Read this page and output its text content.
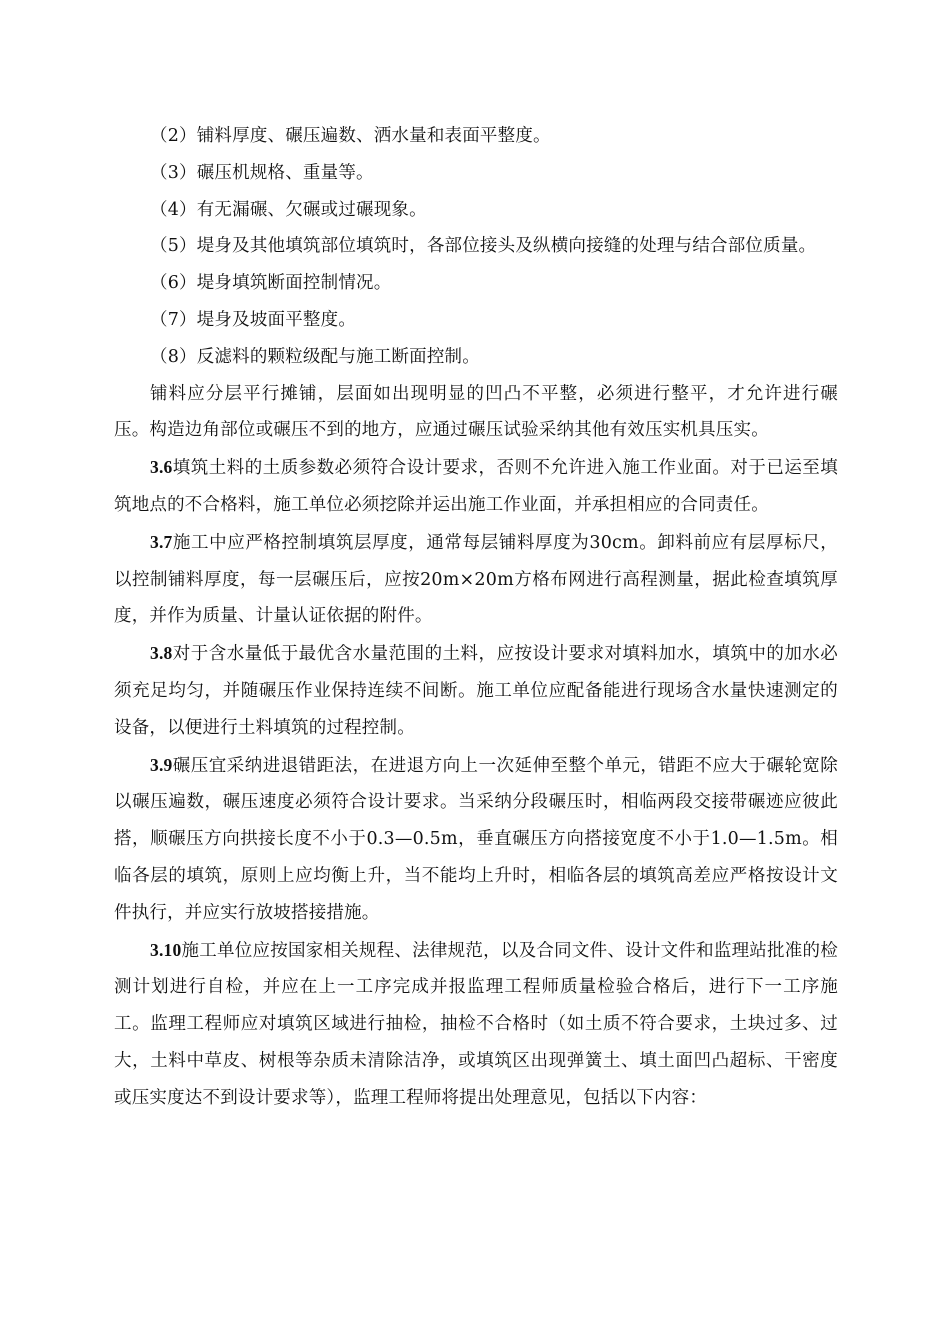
（2）铺料厚度、碾压遍数、洒水量和表面平整度。

（3）碾压机规格、重量等。

（4）有无漏碾、欠碾或过碾现象。

（5）堤身及其他填筑部位填筑时，各部位接头及纵横向接缝的处理与结合部位质量。

（6）堤身填筑断面控制情况。

（7）堤身及坡面平整度。

（8）反滤料的颗粒级配与施工断面控制。

铺料应分层平行摊铺，层面如出现明显的凹凸不平整，必须进行整平，才允许进行碾压。构造边角部位或碾压不到的地方，应通过碾压试验采纳其他有效压实机具压实。

3.6填筑土料的土质参数必须符合设计要求，否则不允许进入施工作业面。对于已运至填筑地点的不合格料，施工单位必须挖除并运出施工作业面，并承担相应的合同责任。

3.7施工中应严格控制填筑层厚度，通常每层铺料厚度为30cm。卸料前应有层厚标尺，以控制铺料厚度，每一层碾压后，应按20m×20m方格布网进行高程测量，据此检查填筑厚度，并作为质量、计量认证依据的附件。

3.8对于含水量低于最优含水量范围的土料，应按设计要求对填料加水，填筑中的加水必须充足均匀，并随碾压作业保持连续不间断。施工单位应配备能进行现场含水量快速测定的设备，以便进行土料填筑的过程控制。

3.9碾压宜采纳进退错距法，在进退方向上一次延伸至整个单元，错距不应大于碾轮宽除以碾压遍数，碾压速度必须符合设计要求。当采纳分段碾压时，相临两段交接带碾迹应彼此搭，顺碾压方向拱接长度不小于0.3—0.5m，垂直碾压方向搭接宽度不小于1.0—1.5m。相临各层的填筑，原则上应均衡上升，当不能均上升时，相临各层的填筑高差应严格按设计文件执行，并应实行放坡搭接措施。

3.10施工单位应按国家相关规程、法律规范，以及合同文件、设计文件和监理站批准的检测计划进行自检，并应在上一工序完成并报监理工程师质量检验合格后，进行下一工序施工。监理工程师应对填筑区域进行抽检，抽检不合格时（如土质不符合要求，土块过多、过大，土料中草皮、树根等杂质未清除洁净，或填筑区出现弹簧土、填土面凹凸超标、干密度或压实度达不到设计要求等），监理工程师将提出处理意见，包括以下内容：
